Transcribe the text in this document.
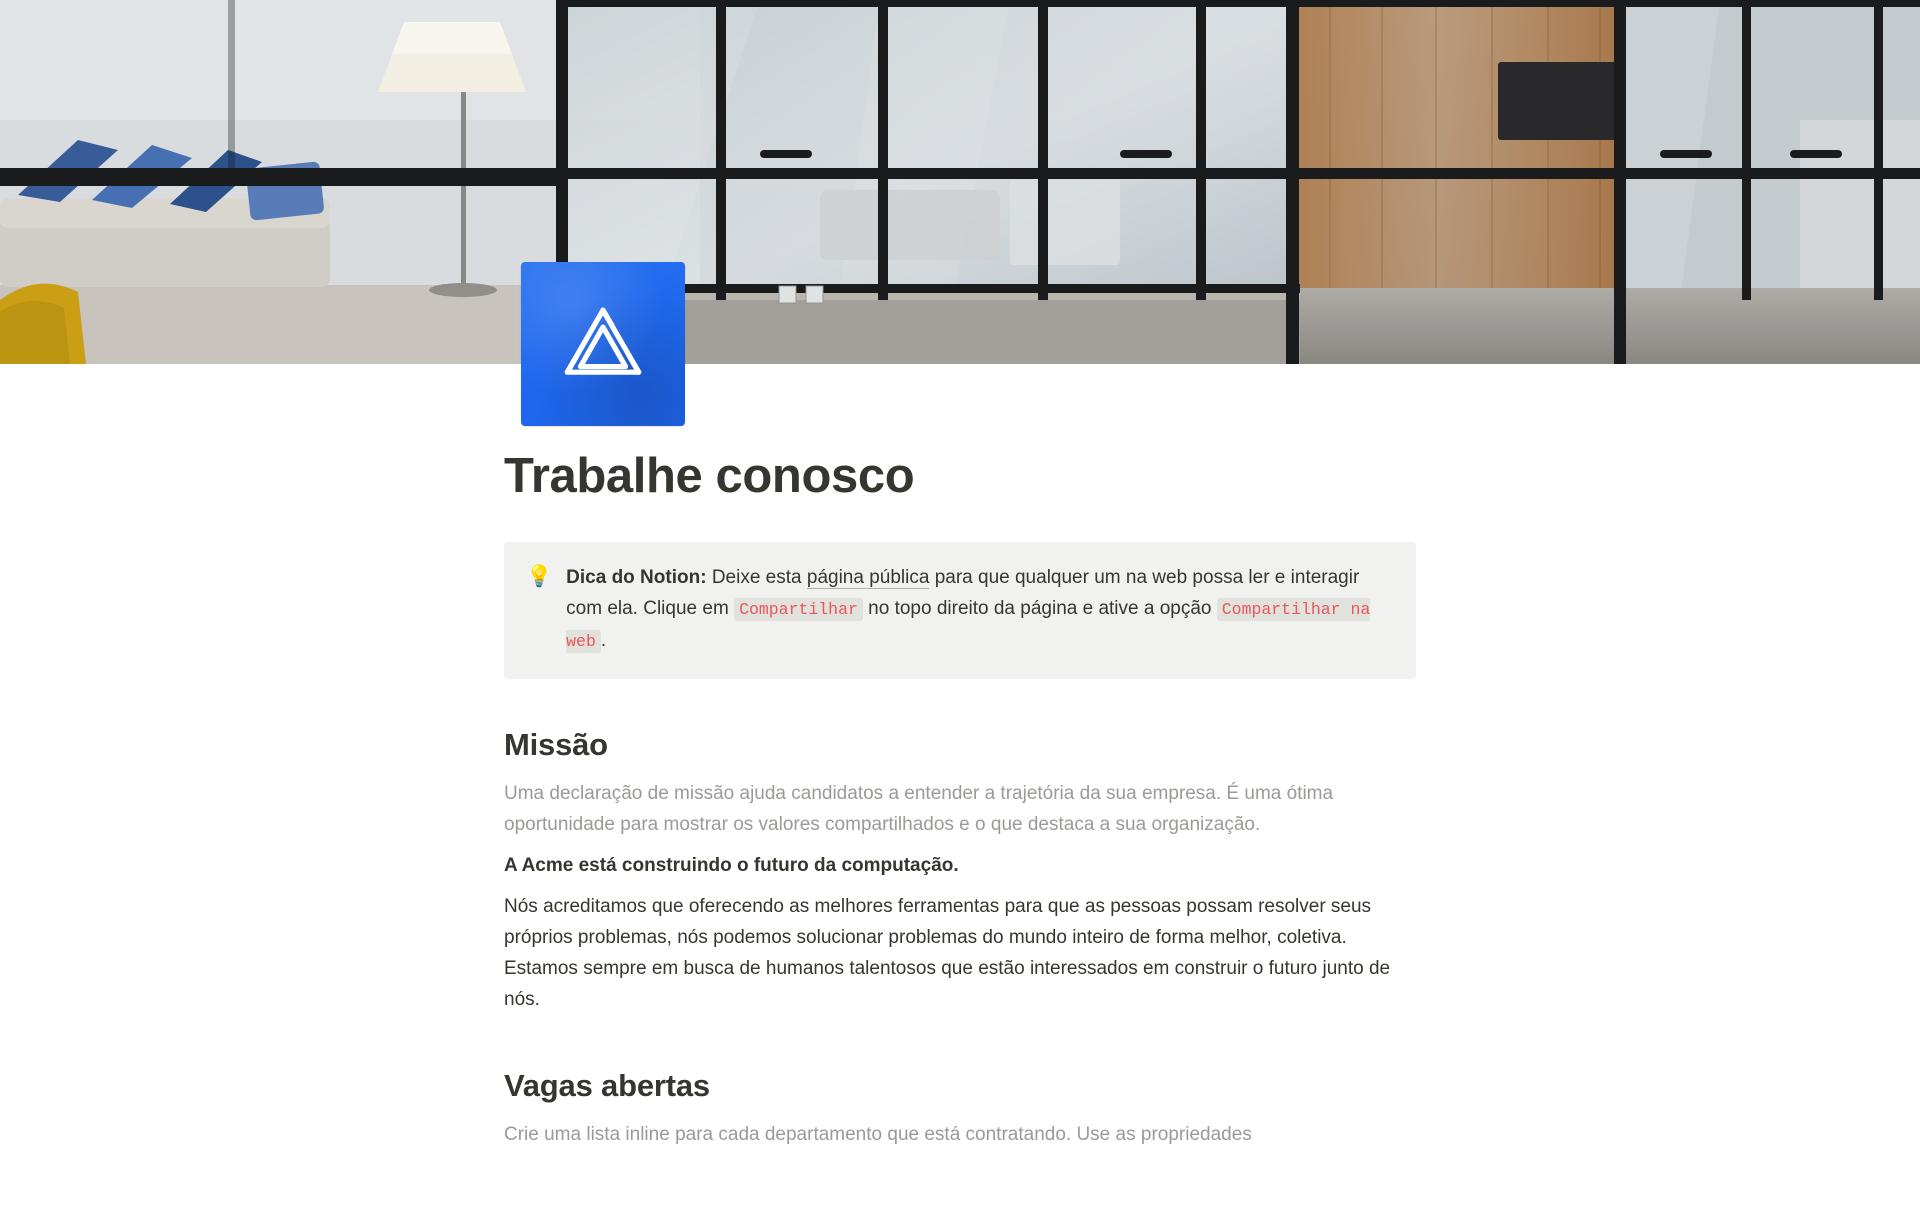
Trabalhe conosco
💡 Dica do Notion: Deixe esta página pública para que qualquer um na web possa ler e interagir com ela. Clique em Compartilhar no topo direito da página e ative a opção Compartilhar na web .
Missão

Uma declaração de missão ajuda candidatos a entender a trajetória da sua empresa. É uma ótima oportunidade para mostrar os valores compartilhados e o que destaca a sua organização.

A Acme está construindo o futuro da computação.

Nós acreditamos que oferecendo as melhores ferramentas para que as pessoas possam resolver seus próprios problemas, nós podemos solucionar problemas do mundo inteiro de forma melhor, coletiva. Estamos sempre em busca de humanos talentosos que estão interessados em construir o futuro junto de nós.

Vagas abertas

Crie uma lista inline para cada departamento que está contratando. Use as propriedades
